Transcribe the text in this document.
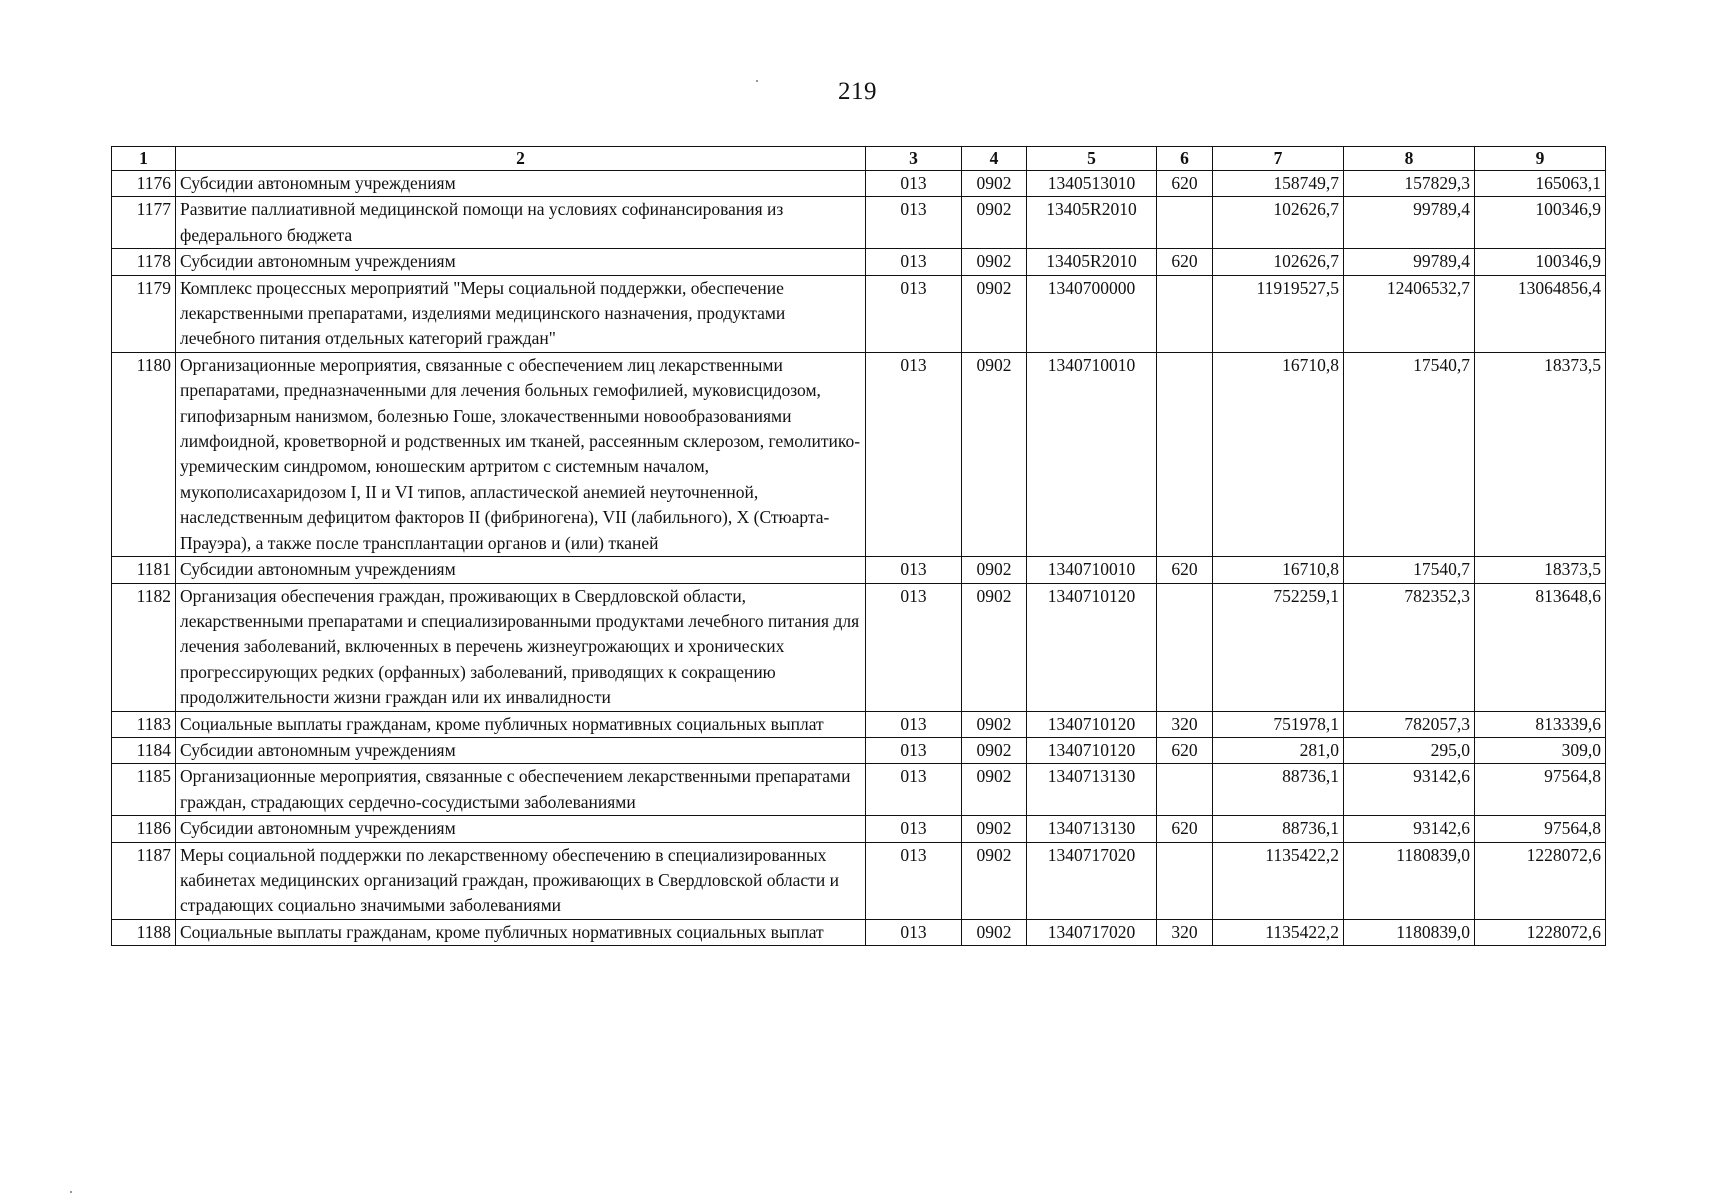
219
1	2	3	4	5	6	7	8	9
1176	Субсидии автономным учреждениям	013	0902	1340513010	620	158749,7	157829,3	165063,1
1177	Развитие паллиативной медицинской помощи на условиях софинансирования из федерального бюджета	013	0902	13405R2010		102626,7	99789,4	100346,9
1178	Субсидии автономным учреждениям	013	0902	13405R2010	620	102626,7	99789,4	100346,9
1179	Комплекс процессных мероприятий "Меры социальной поддержки, обеспечение лекарственными препаратами, изделиями медицинского назначения, продуктами лечебного питания отдельных категорий граждан"	013	0902	1340700000		11919527,5	12406532,7	13064856,4
1180	Организационные мероприятия, связанные с обеспечением лиц лекарственными препаратами, предназначенными для лечения больных гемофилией, муковисцидозом, гипофизарным нанизмом, болезнью Гоше, злокачественными новообразованиями лимфоидной, кроветворной и родственных им тканей, рассеянным склерозом, гемолитико-уремическим синдромом, юношеским артритом с системным началом, мукополисахаридозом I, II и VI типов, апластической анемией неуточненной, наследственным дефицитом факторов II (фибриногена), VII (лабильного), X (Стюарта-Прауэра), а также после трансплантации органов и (или) тканей	013	0902	1340710010		16710,8	17540,7	18373,5
1181	Субсидии автономным учреждениям	013	0902	1340710010	620	16710,8	17540,7	18373,5
1182	Организация обеспечения граждан, проживающих в Свердловской области, лекарственными препаратами и специализированными продуктами лечебного питания для лечения заболеваний, включенных в перечень жизнеугрожающих и хронических прогрессирующих редких (орфанных) заболеваний, приводящих к сокращению продолжительности жизни граждан или их инвалидности	013	0902	1340710120		752259,1	782352,3	813648,6
1183	Социальные выплаты гражданам, кроме публичных нормативных социальных выплат	013	0902	1340710120	320	751978,1	782057,3	813339,6
1184	Субсидии автономным учреждениям	013	0902	1340710120	620	281,0	295,0	309,0
1185	Организационные мероприятия, связанные с обеспечением лекарственными препаратами граждан, страдающих сердечно-сосудистыми заболеваниями	013	0902	1340713130		88736,1	93142,6	97564,8
1186	Субсидии автономным учреждениям	013	0902	1340713130	620	88736,1	93142,6	97564,8
1187	Меры социальной поддержки по лекарственному обеспечению в специализированных кабинетах медицинских организаций граждан, проживающих в Свердловской области и страдающих социально значимыми заболеваниями	013	0902	1340717020		1135422,2	1180839,0	1228072,6
1188	Социальные выплаты гражданам, кроме публичных нормативных социальных выплат	013	0902	1340717020	320	1135422,2	1180839,0	1228072,6
